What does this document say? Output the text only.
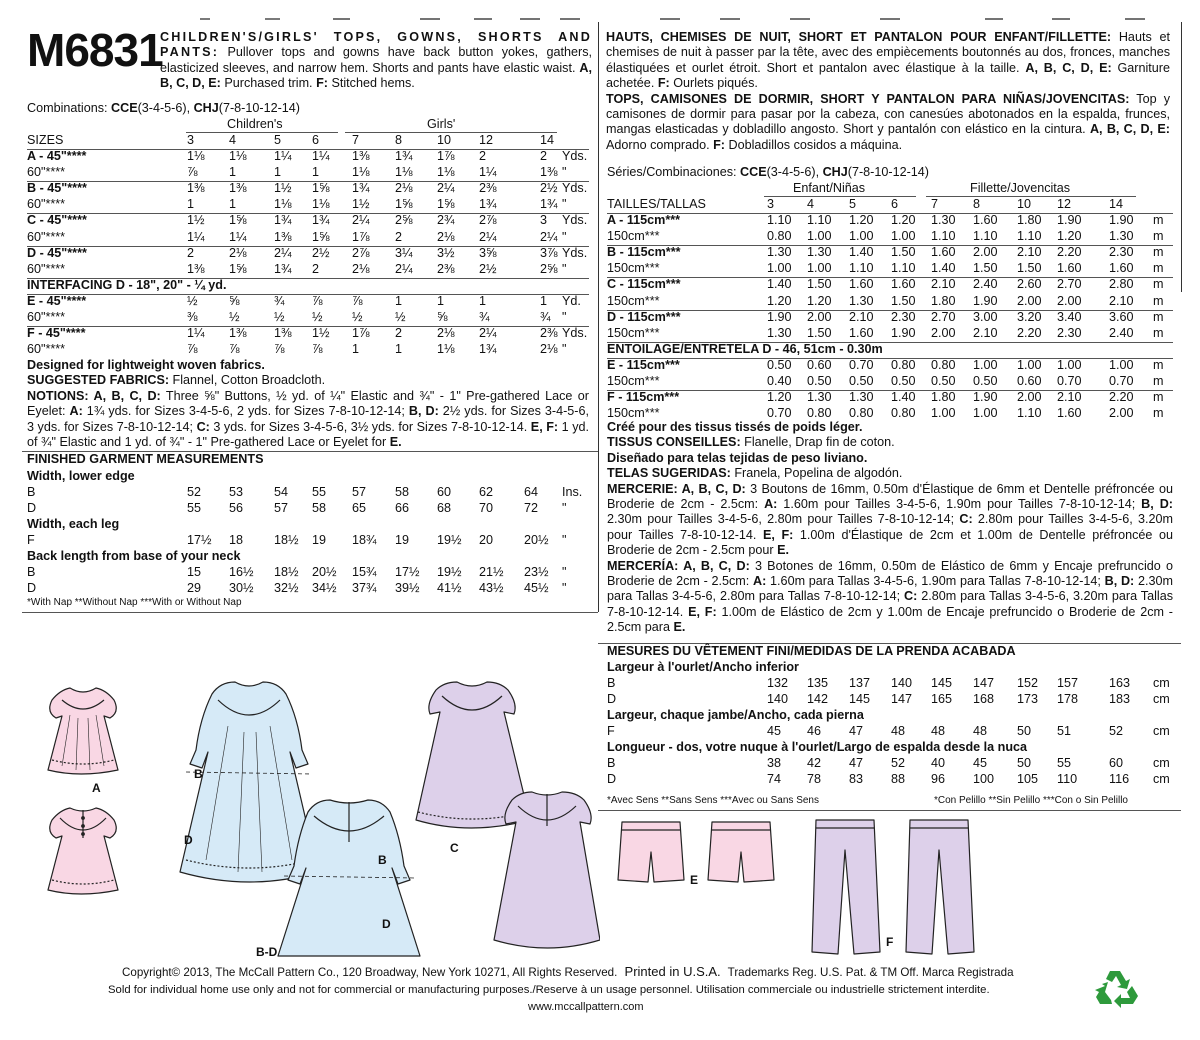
M6831
CHILDREN'S/GIRLS' TOPS, GOWNS, SHORTS AND PANTS: Pullover tops and gowns have back button yokes, gathers, elasticized sleeves, and narrow hem. Shorts and pants have elastic waist. A, B, C, D, E: Purchased trim. F: Stitched hems.
HAUTS, CHEMISES DE NUIT, SHORT ET PANTALON POUR ENFANT/FILLETTE: Hauts et chemises de nuit à passer par la tête, avec des empiècements boutonnés au dos, fronces, manches élastiquées et ourlet étroit. Short et pantalon avec élastique à la taille. A, B, C, D, E: Garniture achetée. F: Ourlets piqués.
TOPS, CAMISONES DE DORMIR, SHORT Y PANTALON PARA NIÑAS/JOVENCITAS: Top y camisones de dormir para pasar por la cabeza, con canesúes abotonados en la espalda, frunces, mangas elasticadas y dobladillo angosto. Short y pantalón con elástico en la cintura. A, B, C, D, E: Adorno comprado. F: Dobladillos cosidos a máquina.
Combinations: CCE(3-4-5-6), CHJ(7-8-10-12-14)
Children's	Girls'
Designed for lightweight woven fabrics.
SUGGESTED FABRICS: Flannel, Cotton Broadcloth.
NOTIONS: A, B, C, D: Three ⅝" Buttons, ½ yd. of ¼" Elastic and ¾" - 1" Pre-gathered Lace or Eyelet: A: 1¾ yds. for Sizes 3-4-5-6, 2 yds. for Sizes 7-8-10-12-14; B, D: 2½ yds. for Sizes 3-4-5-6, 3 yds. for Sizes 7-8-10-12-14; C: 3 yds. for Sizes 3-4-5-6, 3½ yds. for Sizes 7-8-10-12-14. E, F: 1 yd. of ¾" Elastic and 1 yd. of ¾" - 1" Pre-gathered Lace or Eyelet for E.
FINISHED GARMENT MEASUREMENTS
*With Nap **Without Nap ***With or Without Nap
Séries/Combinaciones: CCE(3-4-5-6), CHJ(7-8-10-12-14)
Enfant/Niñas	Fillette/Jovencitas
Créé pour des tissus tissés de poids léger.
TISSUS CONSEILLES: Flanelle, Drap fin de coton.
Diseñado para telas tejidas de peso liviano.
TELAS SUGERIDAS: Franela, Popelina de algodón.
MERCERIE: A, B, C, D: 3 Boutons de 16mm, 0.50m d'Élastique de 6mm et Dentelle préfroncée ou Broderie de 2cm - 2.5cm: A: 1.60m pour Tailles 3-4-5-6, 1.90m pour Tailles 7-8-10-12-14; B, D: 2.30m pour Tailles 3-4-5-6, 2.80m pour Tailles 7-8-10-12-14; C: 2.80m pour Tailles 3-4-5-6, 3.20m pour Tailles 7-8-10-12-14. E, F: 1.00m d'Élastique de 2cm et 1.00m de Dentelle préfroncée ou Broderie de 2cm - 2.5cm pour E.
MERCERÍA: A, B, C, D: 3 Botones de 16mm, 0.50m de Elástico de 6mm y Encaje prefruncido o Broderie de 2cm - 2.5cm: A: 1.60m para Tallas 3-4-5-6, 1.90m para Tallas 7-8-10-12-14; B, D: 2.30m para Tallas 3-4-5-6, 2.80m para Tallas 7-8-10-12-14; C: 2.80m para Tallas 3-4-5-6, 3.20m para Tallas 7-8-10-12-14. E, F: 1.00m de Elástico de 2cm y 1.00m de Encaje prefruncido o Broderie de 2cm - 2.5cm para E.
MESURES DU VÊTEMENT FINI/MEDIDAS DE LA PRENDA ACABADA
*Avec Sens **Sans Sens ***Avec ou Sans Sens	*Con Pelillo **Sin Pelillo ***Con o Sin Pelillo
A
B
D
B
D
B-D
C
E
F
Copyright© 2013, The McCall Pattern Co., 120 Broadway, New York 10271, All Rights Reserved. Printed in U.S.A. Trademarks Reg. U.S. Pat. & TM Off. Marca Registrada
Sold for individual home use only and not for commercial or manufacturing purposes./Reserve à un usage personnel. Utilisation commerciale ou industrielle strictement interdite.
www.mccallpattern.com
SIZES	3	4	5 6	7	8	10 12	14
A - 45"****	1⅛ 1⅛ 1¼ 1¼ 1⅜ 1¾ 1⅞ 2	2 Yds.
60"****	⅞ 1	1 1	1⅛ 1⅛ 1⅛ 1¼	1⅜ "
B - 45"****	1⅜ 1⅜ 1½ 1⅝ 1¾ 2⅛ 2¼ 2⅜	2½ Yds.
60"****	1	1	1⅛ 1⅛ 1½ 1⅝ 1⅝ 1¾	1¾ "
C - 45"****	1½ 1⅝ 1¾ 1¾ 2¼ 2⅝ 2¾ 2⅞	3 Yds.
60"****	1¼ 1¼ 1⅜ 1⅝ 1⅞ 2	2⅛ 2¼	2¼ "
D - 45"****	2	2⅛ 2¼ 2½ 2⅞ 3¼ 3½ 3⅝	3⅞ Yds.
60"****	1⅜ 1⅝ 1¾ 2	2⅛ 2¼ 2⅜ 2½	2⅝ "
INTERFACING D - 18", 20" - ¼ yd.
E - 45"****	½ ⅝	¾ ⅞ ⅞	1	1	1	1 Yd.
60"****	⅜ ½	½ ½ ½	½ ⅝ ¾	¾ "
F - 45"****	1¼ 1⅜ 1⅜ 1½ 1⅞ 2	2⅛ 2¼	2⅜ Yds.
60"****	⅞ ⅞	⅞ ⅞ 1	1	1⅛ 1¾	2⅛ "
TAILLES/TALLAS	3	4	5	6	7	8	10 12	14
A - 115cm***	1.10 1.10 1.20 1.20 1.30 1.60 1.80 1.90 1.90 m
150cm***	0.80 1.00 1.00 1.00 1.10 1.10 1.10 1.20 1.30 m
B - 115cm***	1.30 1.30 1.40 1.50 1.60 2.00 2.10 2.20 2.30 m
150cm***	1.00 1.00 1.10 1.10 1.40 1.50 1.50 1.60 1.60 m
C - 115cm***	1.40 1.50 1.60 1.60 2.10 2.40 2.60 2.70 2.80 m
150cm***	1.20 1.20 1.30 1.50 1.80 1.90 2.00 2.00 2.10 m
D - 115cm***	1.90 2.00 2.10 2.30 2.70 3.00 3.20 3.40 3.60 m
150cm***	1.30 1.50 1.60 1.90 2.00 2.10 2.20 2.30 2.40 m
ENTOILAGE/ENTRETELA D - 46, 51cm - 0.30m
E - 115cm***	0.50 0.60 0.70 0.80 0.80 1.00 1.00 1.00 1.00 m
150cm***	0.40 0.50 0.50 0.50 0.50 0.50 0.60 0.70 0.70 m
F - 115cm***	1.20 1.30 1.30 1.40 1.80 1.90 2.00 2.10 2.20 m
150cm***	0.70 0.80 0.80 0.80 1.00 1.00 1.10 1.60 2.00 m
Width, lower edge
B	52 53 54 55 57 58 60 62 64 Ins.
D	55 56 57 58 65 66 68 70 72 "
Width, each leg
F	17½ 18 18½ 19 18¾ 19 19½ 20 20½ "
Back length from base of your neck
B	15 16½ 18½ 20½ 15¾ 17½ 19½ 21½ 23½ "
D	29 30½ 32½ 34½ 37¾ 39½ 41½ 43½ 45½ "
Largeur à l'ourlet/Ancho inferior
B	132 135 137 140 145 147 152 157 163 cm
D	140 142 145 147 165 168 173 178 183 cm
Largeur, chaque jambe/Ancho, cada pierna
F	45 46 47 48 48 48 50 51	52 cm
Longueur - dos, votre nuque à l'ourlet/Largo de espalda desde la nuca
B	38 42 47 52 40 45 50 55	60 cm
D	74 78 83 88 96 100 105 110	116 cm
